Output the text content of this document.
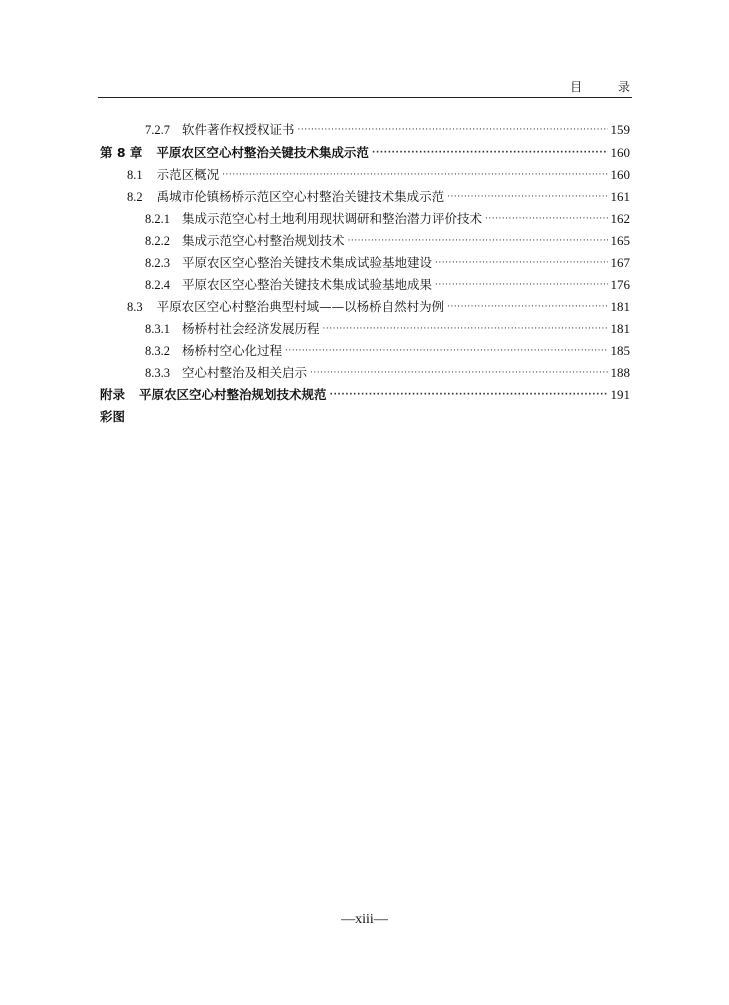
目 录
7.2.7 软件著作权授权证书 ·····	159
第 8 章 平原农区空心村整治关键技术集成示范 ·····	160
8.1 示范区概况 ·····	160
8.2 禹城市伦镇杨桥示范区空心村整治关键技术集成示范 ·····	161
8.2.1 集成示范空心村土地利用现状调研和整治潜力评价技术 ·····	162
8.2.2 集成示范空心村整治规划技术 ·····	165
8.2.3 平原农区空心整治关键技术集成试验基地建设 ·····	167
8.2.4 平原农区空心整治关键技术集成试验基地成果 ·····	176
8.3 平原农区空心村整治典型村域——以杨桥自然村为例 ·····	181
8.3.1 杨桥村社会经济发展历程 ·····	181
8.3.2 杨桥村空心化过程 ·····	185
8.3.3 空心村整治及相关启示 ·····	188
附录 平原农区空心村整治规划技术规范 ·····	191
彩图
—xiii—
